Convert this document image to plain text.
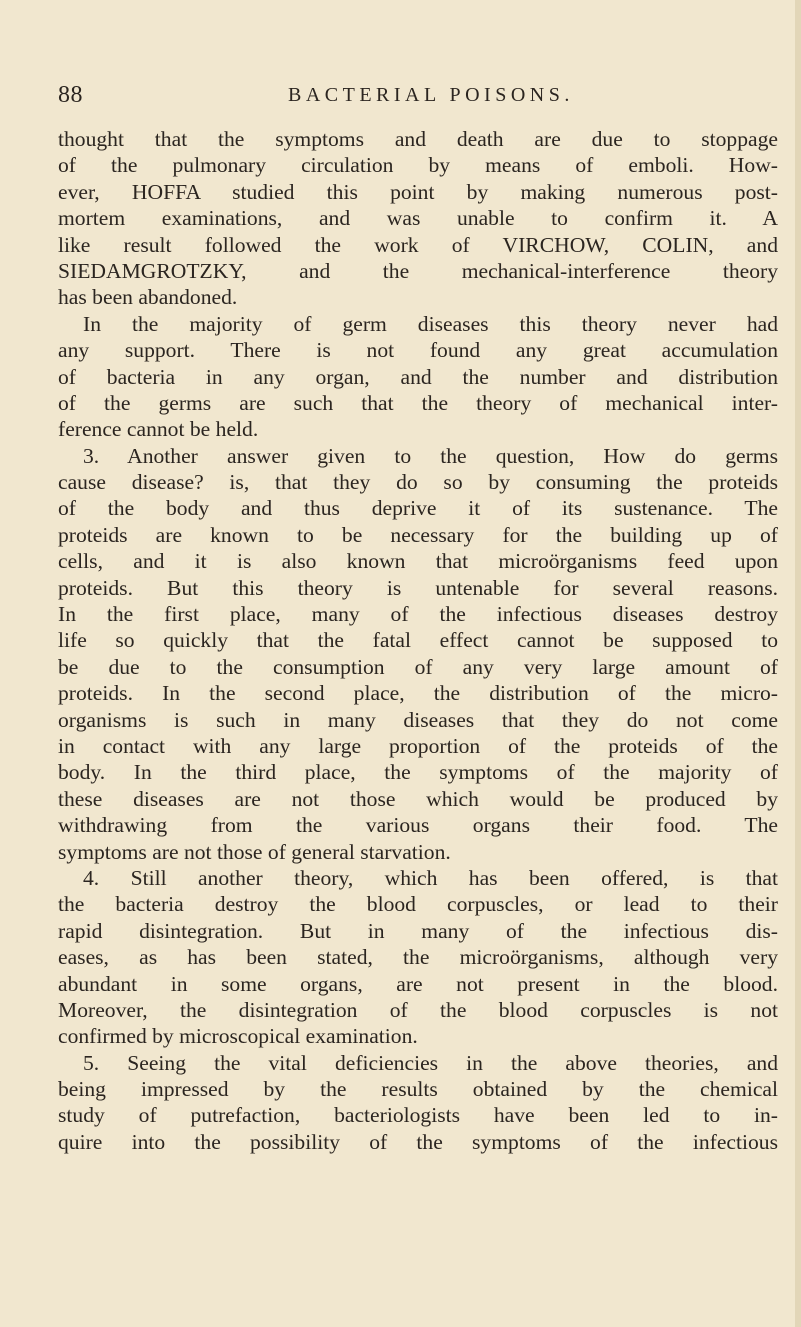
88	BACTERIAL POISONS.
thought that the symptoms and death are due to stoppage
of the pulmonary circulation by means of emboli. How-
ever, HOFFA studied this point by making numerous post-
mortem examinations, and was unable to confirm it. A
like result followed the work of VIRCHOW, COLIN, and
SIEDAMGROTZKY, and the mechanical-interference theory
has been abandoned.
In the majority of germ diseases this theory never had
any support. There is not found any great accumulation
of bacteria in any organ, and the number and distribution
of the germs are such that the theory of mechanical inter-
ference cannot be held.
3. Another answer given to the question, How do germs
cause disease? is, that they do so by consuming the proteids
of the body and thus deprive it of its sustenance. The
proteids are known to be necessary for the building up of
cells, and it is also known that microörganisms feed upon
proteids. But this theory is untenable for several reasons.
In the first place, many of the infectious diseases destroy
life so quickly that the fatal effect cannot be supposed to
be due to the consumption of any very large amount of
proteids. In the second place, the distribution of the micro-
organisms is such in many diseases that they do not come
in contact with any large proportion of the proteids of the
body. In the third place, the symptoms of the majority of
these diseases are not those which would be produced by
withdrawing from the various organs their food. The
symptoms are not those of general starvation.
4. Still another theory, which has been offered, is that
the bacteria destroy the blood corpuscles, or lead to their
rapid disintegration. But in many of the infectious dis-
eases, as has been stated, the microörganisms, although very
abundant in some organs, are not present in the blood.
Moreover, the disintegration of the blood corpuscles is not
confirmed by microscopical examination.
5. Seeing the vital deficiencies in the above theories, and
being impressed by the results obtained by the chemical
study of putrefaction, bacteriologists have been led to in-
quire into the possibility of the symptoms of the infectious
